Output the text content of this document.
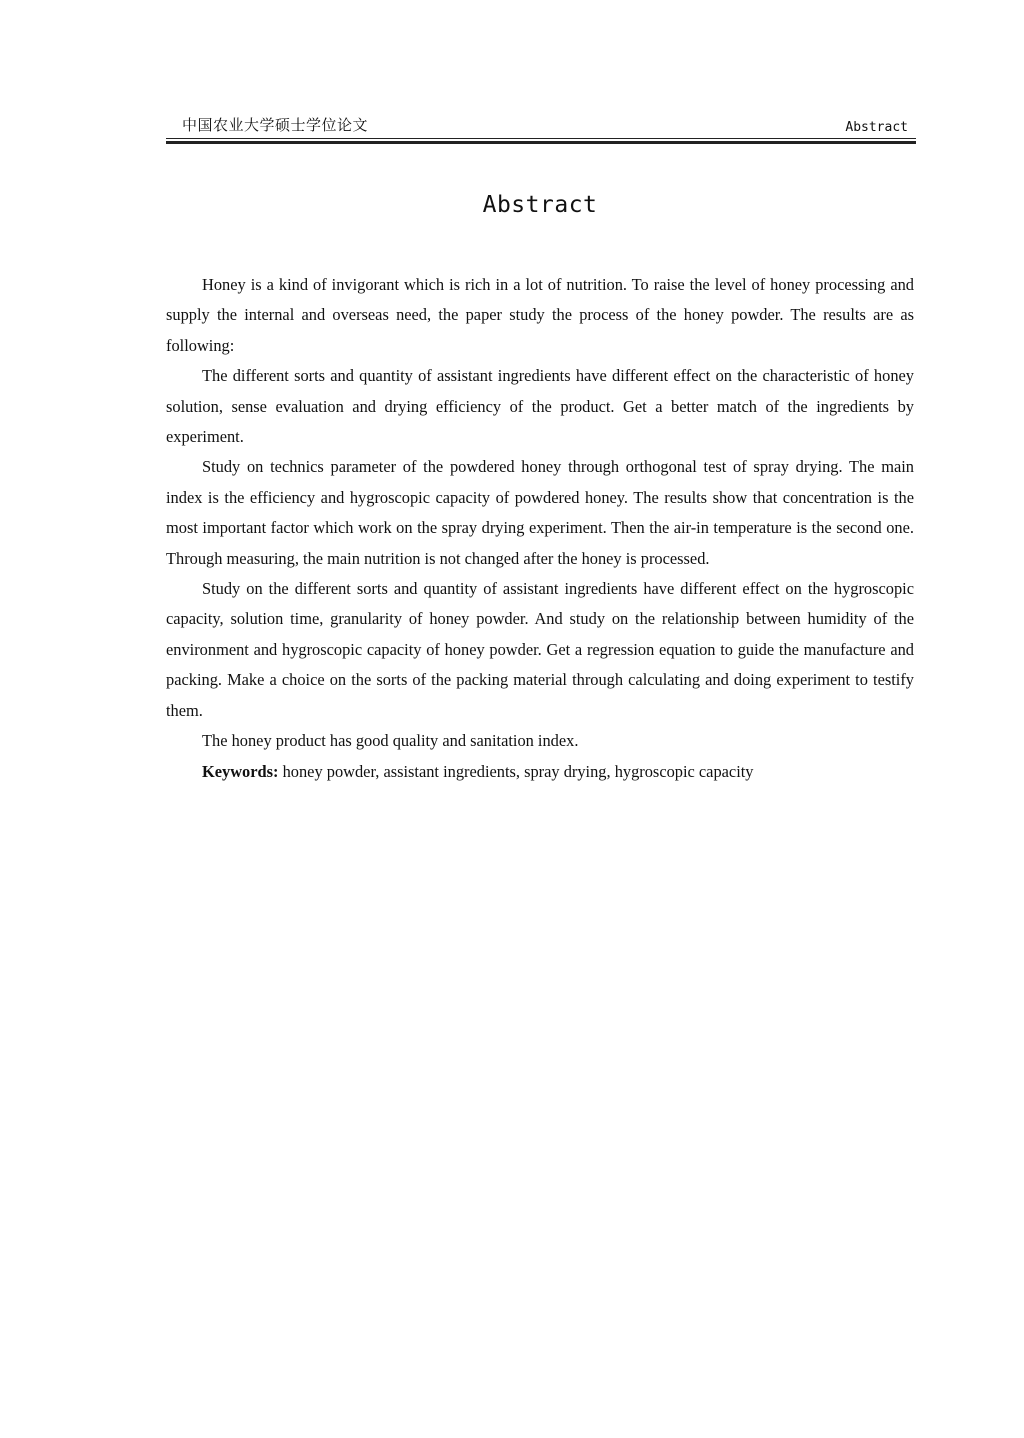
中国农业大学硕士学位论文	Abstract
Abstract

Honey is a kind of invigorant which is rich in a lot of nutrition. To raise the level of honey processing and supply the internal and overseas need, the paper study the process of the honey powder. The results are as following:

The different sorts and quantity of assistant ingredients have different effect on the characteristic of honey solution, sense evaluation and drying efficiency of the product. Get a better match of the ingredients by experiment.

Study on technics parameter of the powdered honey through orthogonal test of spray drying. The main index is the efficiency and hygroscopic capacity of powdered honey. The results show that concentration is the most important factor which work on the spray drying experiment. Then the air-in temperature is the second one. Through measuring, the main nutrition is not changed after the honey is processed.

Study on the different sorts and quantity of assistant ingredients have different effect on the hygroscopic capacity, solution time, granularity of honey powder. And study on the relationship between humidity of the environment and hygroscopic capacity of honey powder. Get a regression equation to guide the manufacture and packing. Make a choice on the sorts of the packing material through calculating and doing experiment to testify them.

The honey product has good quality and sanitation index.

Keywords: honey powder, assistant ingredients, spray drying, hygroscopic capacity
